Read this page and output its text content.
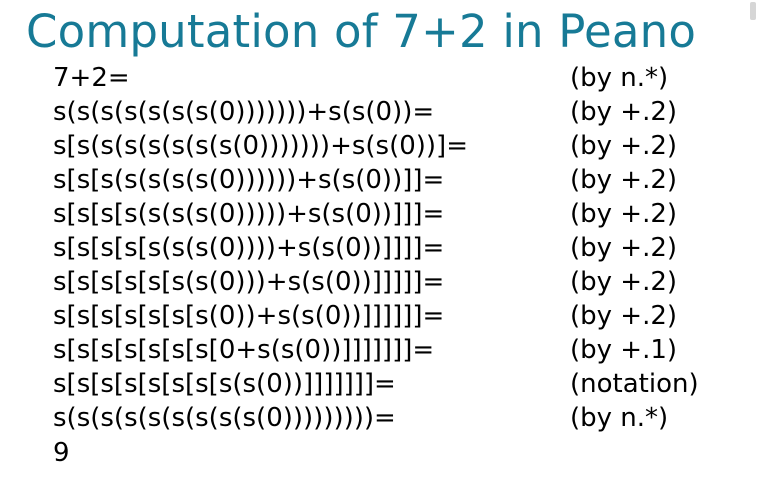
Computation of 7+2 in Peano
7+2=	(by n.*)
s(s(s(s(s(s(s(0)))))))+s(s(0))=	(by +.2)
s[s(s(s(s(s(s(s(0)))))))+s(s(0))]=	(by +.2)
s[s[s(s(s(s(s(0))))))+s(s(0))]]=	(by +.2)
s[s[s[s(s(s(s(0)))))+s(s(0))]]]=	(by +.2)
s[s[s[s[s(s(s(0))))+s(s(0))]]]]=	(by +.2)
s[s[s[s[s[s(s(0)))+s(s(0))]]]]]=	(by +.2)
s[s[s[s[s[s[s(0))+s(s(0))]]]]]]=	(by +.2)
s[s[s[s[s[s[s[0+s(s(0))]]]]]]]=	(by +.1)
s[s[s[s[s[s[s[s(s(0))]]]]]]]=	(notation)
s(s(s(s(s(s(s(s(s(0)))))))))=	(by n.*)
9
